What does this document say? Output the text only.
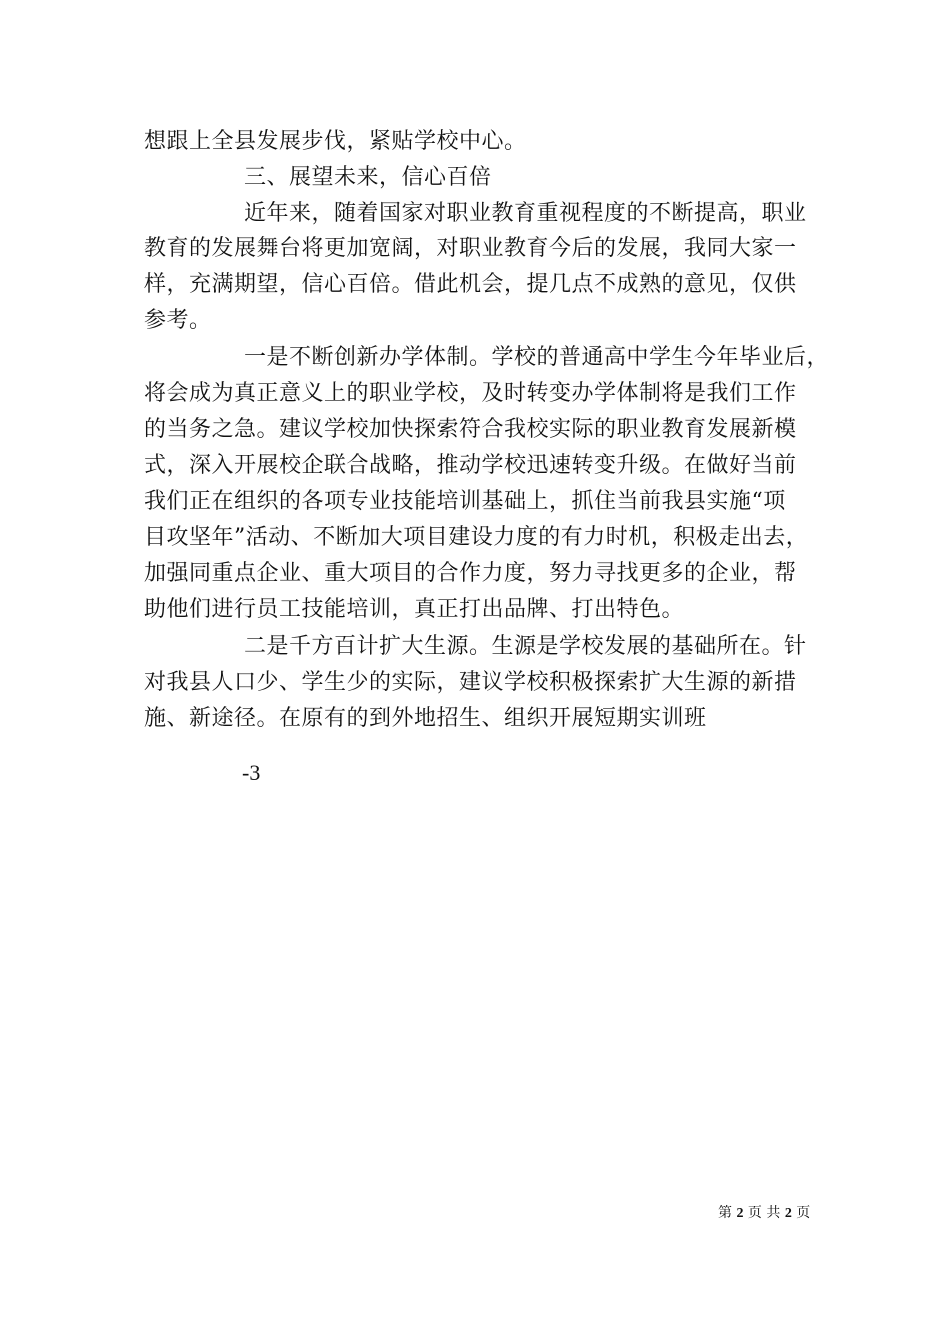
想跟上全县发展步伐，紧贴学校中心。
三、展望未来，信心百倍
近年来，随着国家对职业教育重视程度的不断提高，职业
教育的发展舞台将更加宽阔，对职业教育今后的发展，我同大家一
样，充满期望，信心百倍。借此机会，提几点不成熟的意见，仅供
参考。
一是不断创新办学体制。学校的普通高中学生今年毕业后，
将会成为真正意义上的职业学校，及时转变办学体制将是我们工作
的当务之急。建议学校加快探索符合我校实际的职业教育发展新模
式，深入开展校企联合战略，推动学校迅速转变升级。在做好当前
我们正在组织的各项专业技能培训基础上，抓住当前我县实施“项
目攻坚年”活动、不断加大项目建设力度的有力时机，积极走出去，
加强同重点企业、重大项目的合作力度，努力寻找更多的企业，帮
助他们进行员工技能培训，真正打出品牌、打出特色。
二是千方百计扩大生源。生源是学校发展的基础所在。针
对我县人口少、学生少的实际，建议学校积极探索扩大生源的新措
施、新途径。在原有的到外地招生、组织开展短期实训班
-3
第 2 页 共 2 页
